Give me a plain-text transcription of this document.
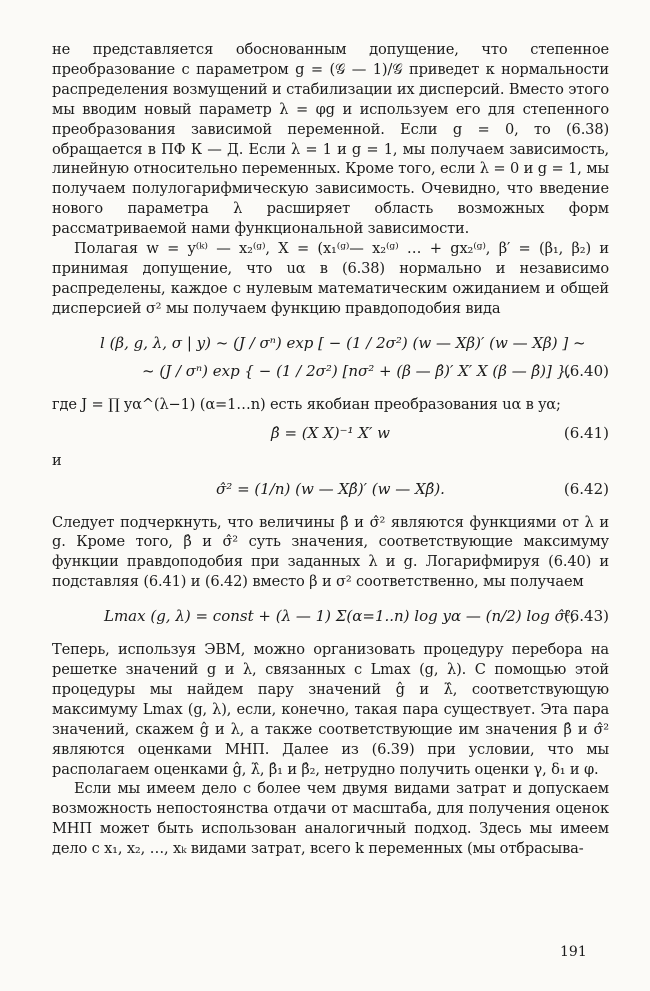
не представляется обоснованным допущение, что степенное преобразование с параметром g = (𝒢 — 1)/𝒢 приведет к нормальности распределения возмущений и стабилизации их дисперсий. Вместо этого мы вводим новый параметр λ = φg и используем его для степенного преобразования зависимой переменной. Если g = 0, то (6.38) обращается в ПФ К — Д. Если λ = 1 и g = 1, мы получаем зависимость, линейную относительно переменных. Кроме того, если λ = 0 и g = 1, мы получаем полулогарифмическую зависимость. Очевидно, что введение нового параметра λ расширяет область возможных форм рассматриваемой нами функциональной зависимости.

Полагая w = y⁽ᵏ⁾ — x₂⁽ᵍ⁾, X = (x₁⁽ᵍ⁾— x₂⁽ᵍ⁾ … + gx₂⁽ᵍ⁾, β′ = (β₁, β₂) и принимая допущение, что uα в (6.38) нормально и независимо распределены, каждое с нулевым математическим ожиданием и общей дисперсией σ² мы получаем функцию правдоподобия вида

l (β, g, λ, σ | y) ~ (J / σⁿ) exp [ − (1 / 2σ²) (w — Xβ)′ (w — Xβ) ] ~
~ (J / σⁿ) exp { − (1 / 2σ²) [nσ² + (β — β̂)′ X′ X (β — β̂)] },
(6.40)

где J = ∏ yα^(λ−1) (α=1…n) есть якобиан преобразования uα в yα;

β̂ = (X X)⁻¹ X′ w	(6.41)

и

σ̂² = (1/n) (w — Xβ̂)′ (w — Xβ̂).	(6.42)

Следует подчеркнуть, что величины β̂ и σ̂² являются функциями от λ и g. Кроме того, β̂ и σ̂² суть значения, соответствующие максимуму функции правдоподобия при заданных λ и g. Логарифмируя (6.40) и подставляя (6.41) и (6.42) вместо β и σ² соответственно, мы получаем

Lmax (g, λ) = const + (λ — 1) Σ(α=1..n) log yα — (n/2) log σ̂²,
(6.43)

Теперь, используя ЭВМ, можно организовать процедуру перебора на решетке значений g и λ, связанных с Lmax (g, λ). С помощью этой процедуры мы найдем пару значений ĝ и λ̂, соответствующую максимуму Lmax (g, λ), если, конечно, такая пара существует. Эта пара значений, скажем ĝ и λ, а также соответствующие им значения β̂ и σ̂² являются оценками МНП. Далее из (6.39) при условии, что мы располагаем оценками ĝ, λ̂, β̂₁ и β̂₂, нетрудно получить оценки γ, δ₁ и φ.

Если мы имеем дело с более чем двумя видами затрат и допускаем возможность непостоянства отдачи от масштаба, для получения оценок МНП может быть использован аналогичный подход. Здесь мы имеем дело с x₁, x₂, …, xₖ видами затрат, всего k переменных (мы отбрасыва-

191
